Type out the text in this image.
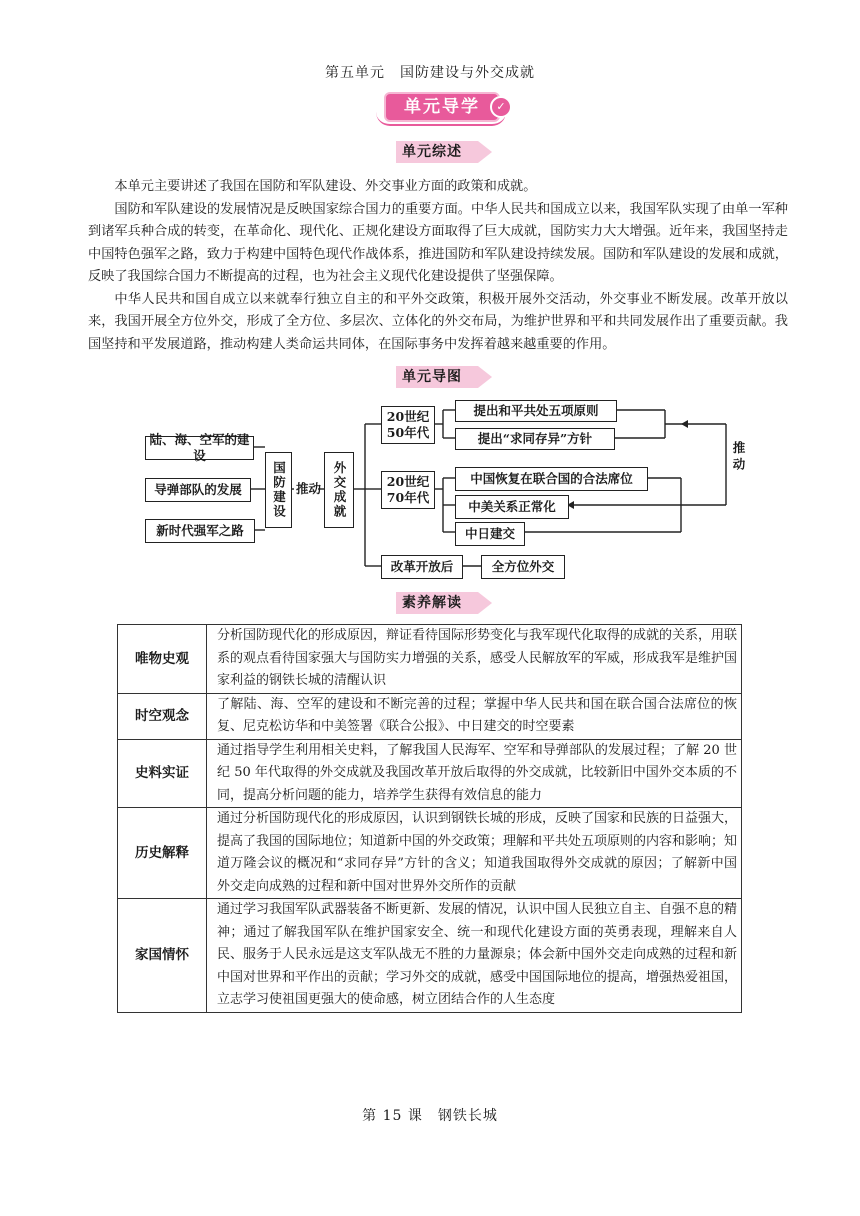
第五单元　国防建设与外交成就
单元导学	✓
单元综述

本单元主要讲述了我国在国防和军队建设、外交事业方面的政策和成就。

国防和军队建设的发展情况是反映国家综合国力的重要方面。中华人民共和国成立以来，我国军队实现了由单一军种到诸军兵种合成的转变，在革命化、现代化、正规化建设方面取得了巨大成就，国防实力大大增强。近年来，我国坚持走中国特色强军之路，致力于构建中国特色现代作战体系，推进国防和军队建设持续发展。国防和军队建设的发展和成就，反映了我国综合国力不断提高的过程，也为社会主义现代化建设提供了坚强保障。

中华人民共和国自成立以来就奉行独立自主的和平外交政策，积极开展外交活动，外交事业不断发展。改革开放以来，我国开展全方位外交，形成了全方位、多层次、立体化的外交布局，为维护世界和平和共同发展作出了重要贡献。我国坚持和平发展道路，推动构建人类命运共同体，在国际事务中发挥着越来越重要的作用。

单元导图
陆、海、空军的建设
导弹部队的发展
新时代强军之路
国防建设 推动 外交成就
20世纪50年代
20世纪70年代
改革开放后
提出和平共处五项原则
提出“求同存异”方针
中国恢复在联合国的合法席位
中美关系正常化
中日建交
全方位外交
推动
素养解读
唯物史观	分析国防现代化的形成原因，辩证看待国际形势变化与我军现代化取得的成就的关系，用联系的观点看待国家强大与国防实力增强的关系，感受人民解放军的军威，形成我军是维护国家利益的钢铁长城的清醒认识
时空观念	了解陆、海、空军的建设和不断完善的过程；掌握中华人民共和国在联合国合法席位的恢复、尼克松访华和中美签署《联合公报》、中日建交的时空要素
史料实证	通过指导学生利用相关史料，了解我国人民海军、空军和导弹部队的发展过程；了解 20 世纪 50 年代取得的外交成就及我国改革开放后取得的外交成就，比较新旧中国外交本质的不同，提高分析问题的能力，培养学生获得有效信息的能力
历史解释	通过分析国防现代化的形成原因，认识到钢铁长城的形成，反映了国家和民族的日益强大，提高了我国的国际地位；知道新中国的外交政策；理解和平共处五项原则的内容和影响；知道万隆会议的概况和“求同存异”方针的含义；知道我国取得外交成就的原因；了解新中国外交走向成熟的过程和新中国对世界外交所作的贡献
家国情怀	通过学习我国军队武器装备不断更新、发展的情况，认识中国人民独立自主、自强不息的精神；通过了解我国军队在维护国家安全、统一和现代化建设方面的英勇表现，理解来自人民、服务于人民永远是这支军队战无不胜的力量源泉；体会新中国外交走向成熟的过程和新中国对世界和平作出的贡献；学习外交的成就，感受中国国际地位的提高，增强热爱祖国，立志学习使祖国更强大的使命感，树立团结合作的人生态度
第 15 课　钢铁长城
